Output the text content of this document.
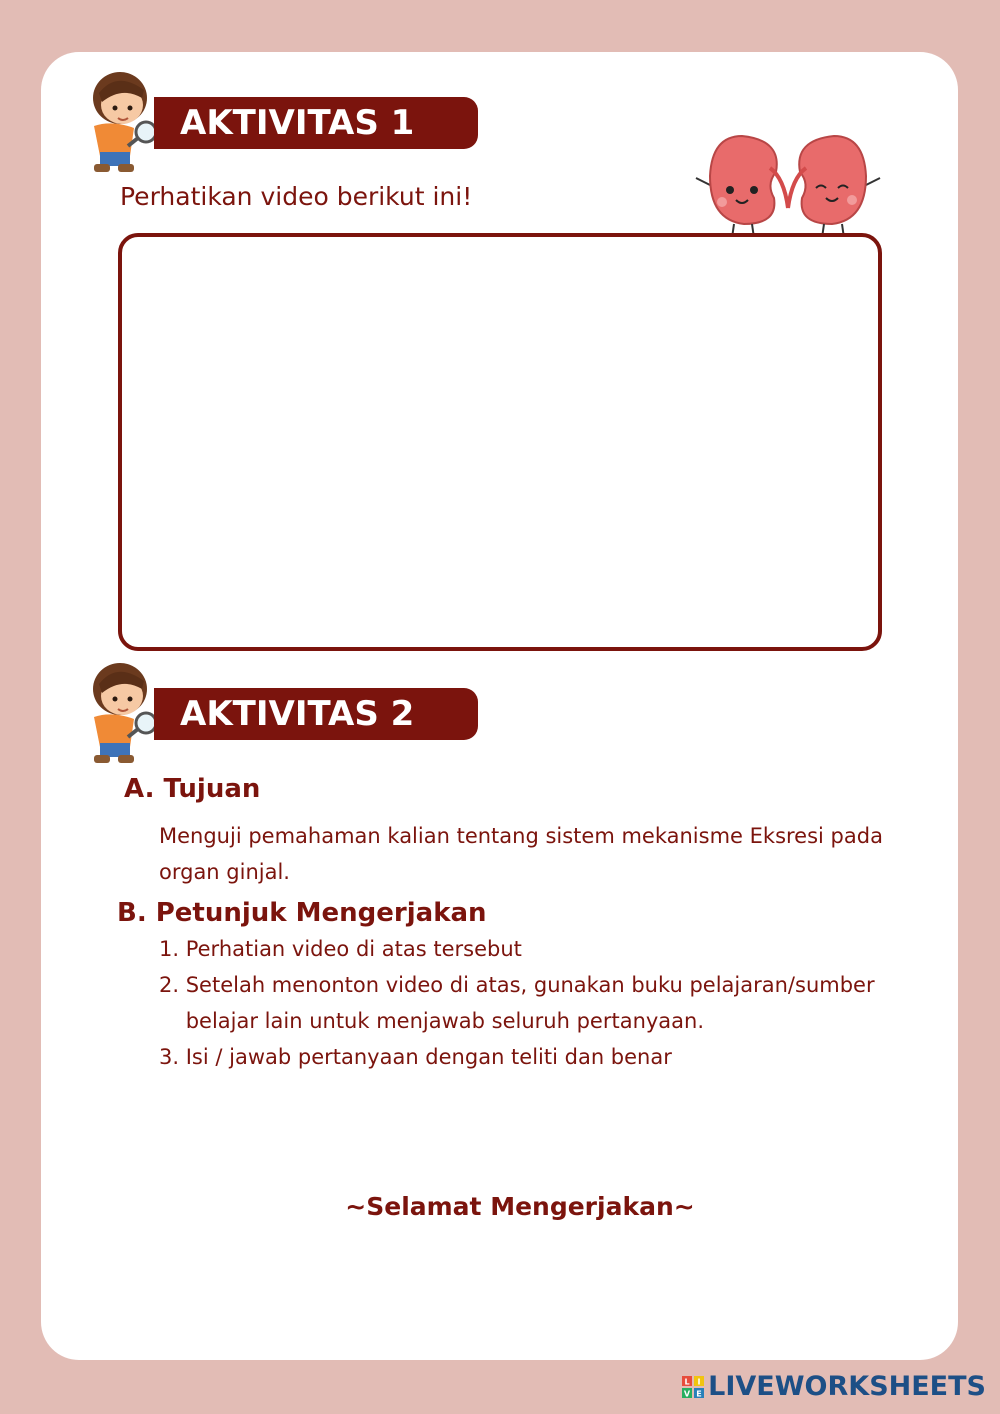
AKTIVITAS 1
Perhatikan video berikut ini!
AKTIVITAS 2
A. Tujuan
Menguji pemahaman kalian tentang sistem mekanisme Eksresi pada organ ginjal.
B. Petunjuk Mengerjakan
1. Perhatian video di atas tersebut
2. Setelah menonton video di atas, gunakan buku pelajaran/sumber belajar lain untuk menjawab seluruh pertanyaan.
3. Isi / jawab pertanyaan dengan teliti dan benar
~Selamat Mengerjakan~
L I
V E LIVEWORKSHEETS
